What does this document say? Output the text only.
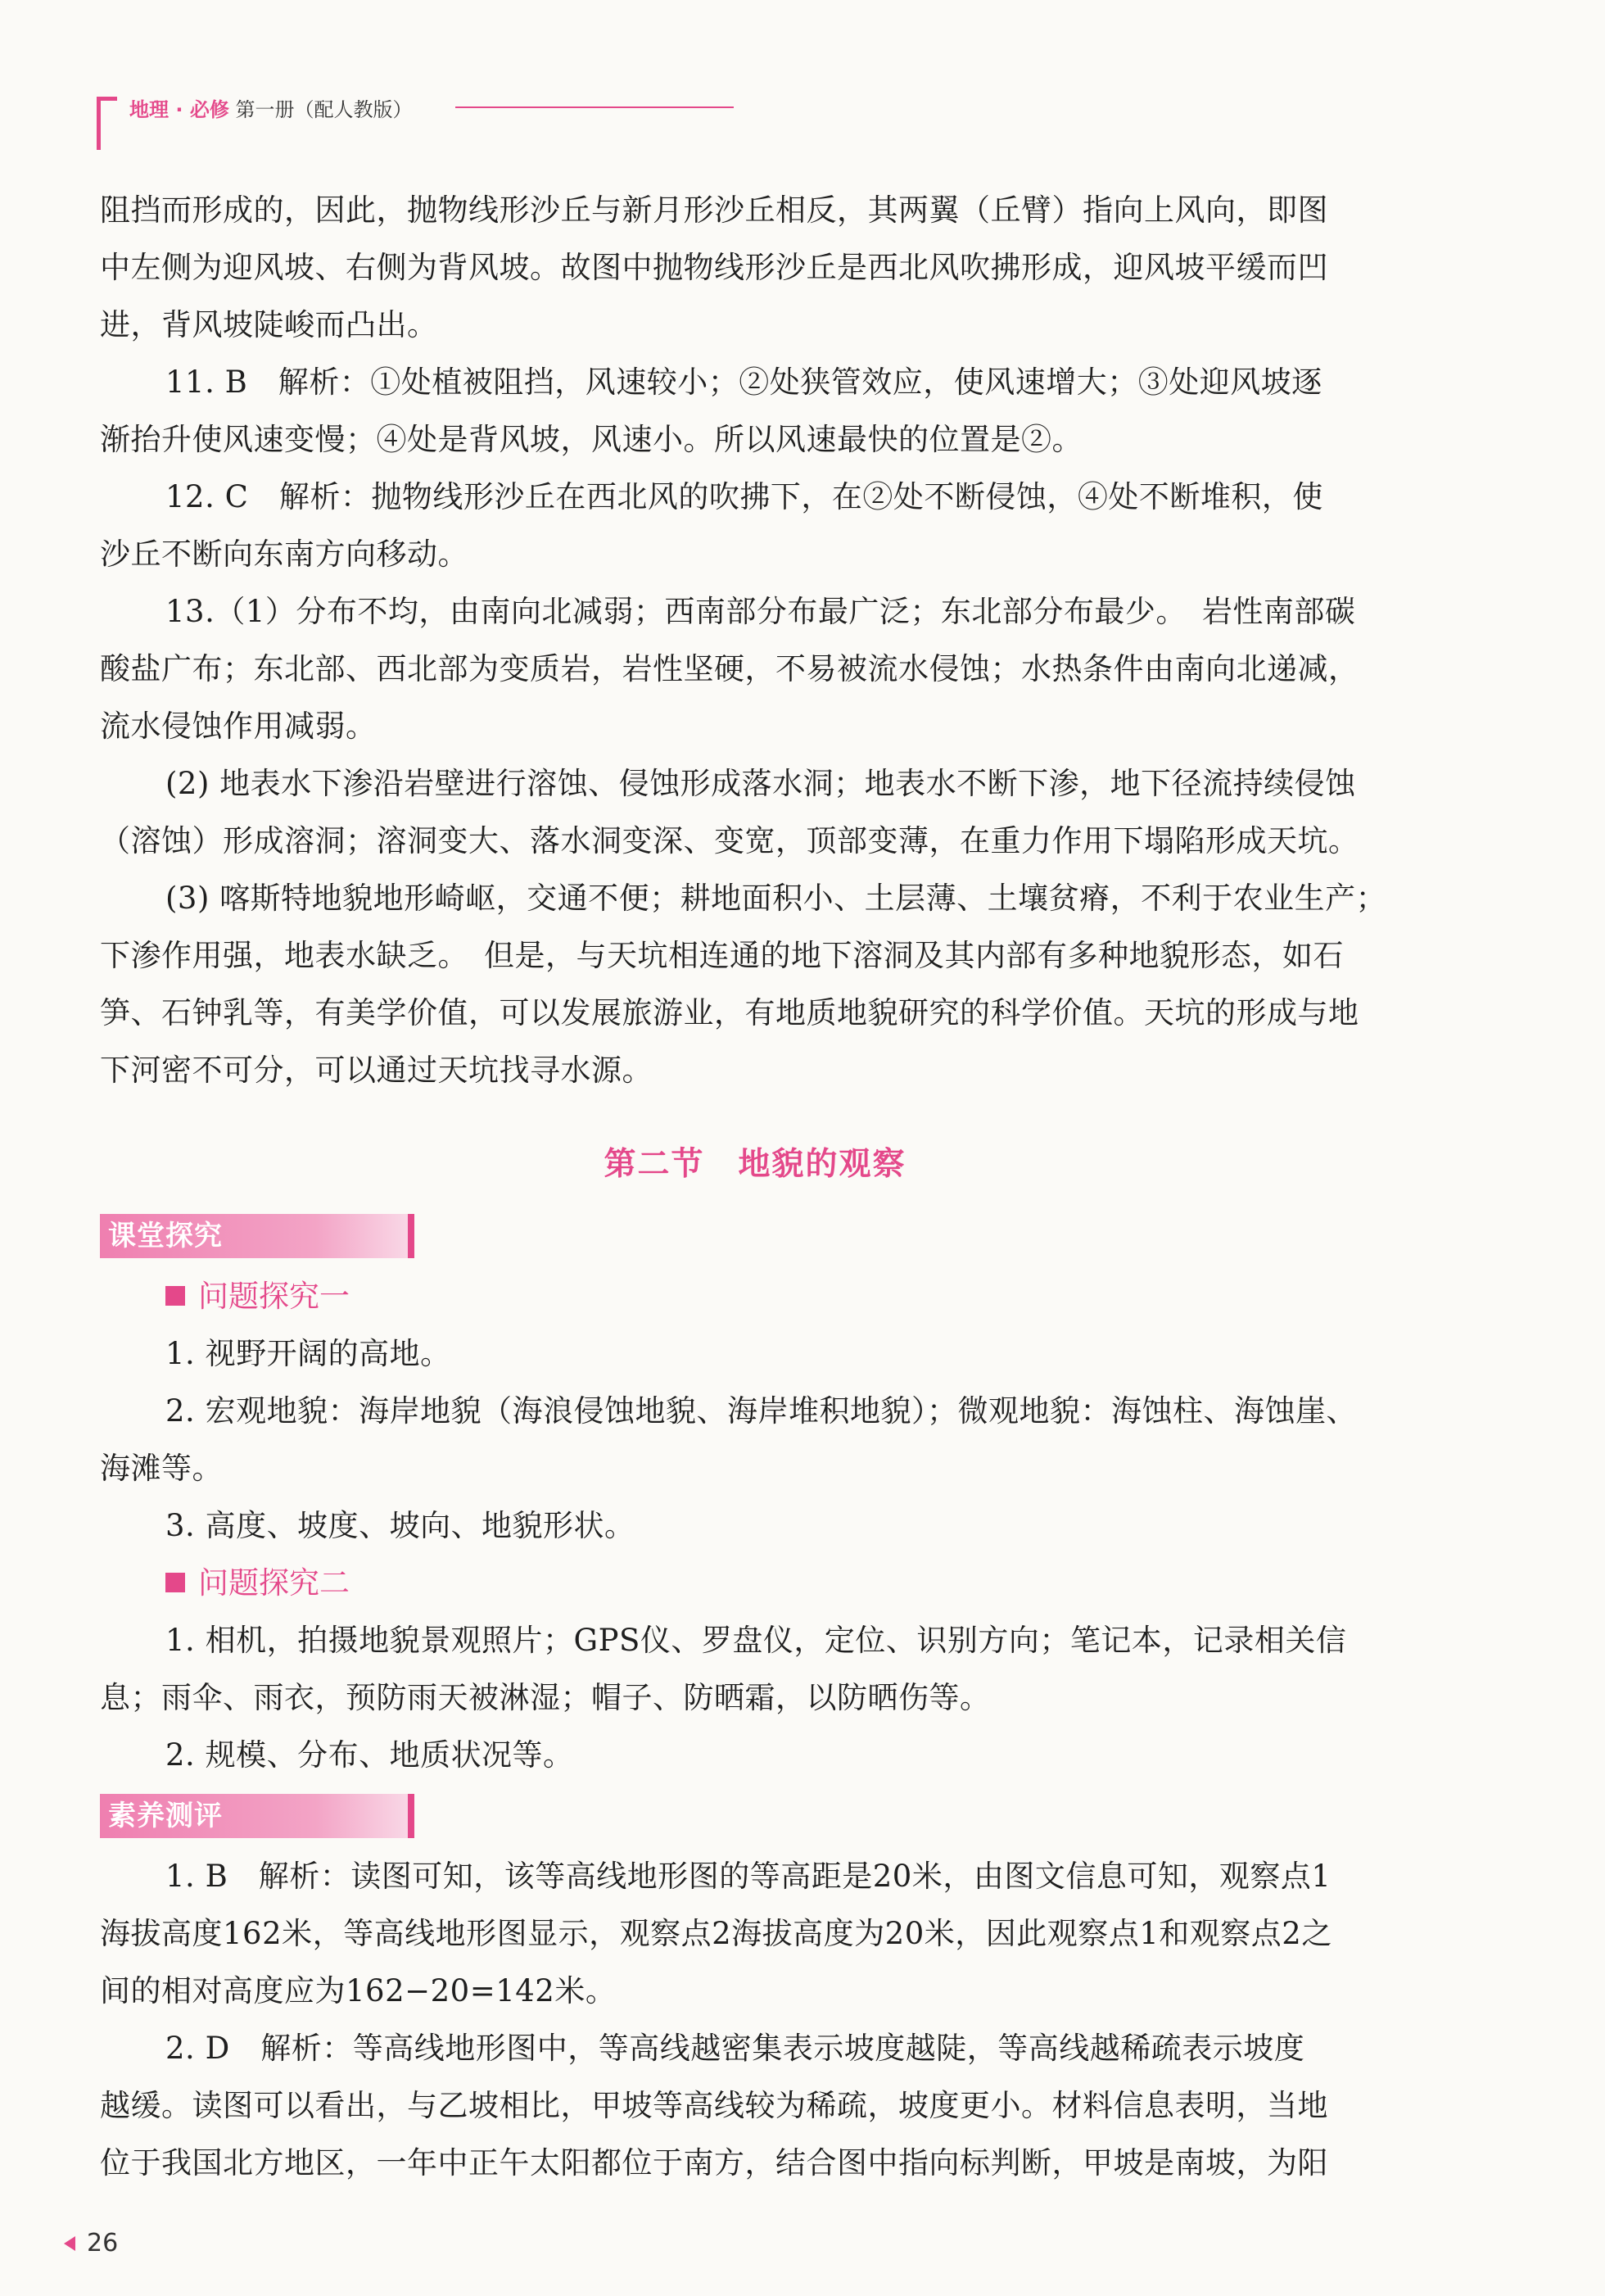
地理 · 必修 第一册（配人教版）

阻挡而形成的，因此，抛物线形沙丘与新月形沙丘相反，其两翼（丘臂）指向上风向，即图

中左侧为迎风坡、右侧为背风坡。故图中抛物线形沙丘是西北风吹拂形成，迎风坡平缓而凹

进，背风坡陡峻而凸出。

11. B　解析：①处植被阻挡，风速较小；②处狭管效应，使风速增大；③处迎风坡逐

渐抬升使风速变慢；④处是背风坡，风速小。所以风速最快的位置是②。

12. C　解析：抛物线形沙丘在西北风的吹拂下，在②处不断侵蚀，④处不断堆积，使

沙丘不断向东南方向移动。

13.（1）分布不均，由南向北减弱；西南部分布最广泛；东北部分布最少。　岩性南部碳

酸盐广布；东北部、西北部为变质岩，岩性坚硬，不易被流水侵蚀；水热条件由南向北递减，

流水侵蚀作用减弱。

(2) 地表水下渗沿岩壁进行溶蚀、侵蚀形成落水洞；地表水不断下渗，地下径流持续侵蚀

（溶蚀）形成溶洞；溶洞变大、落水洞变深、变宽，顶部变薄，在重力作用下塌陷形成天坑。

(3) 喀斯特地貌地形崎岖，交通不便；耕地面积小、土层薄、土壤贫瘠，不利于农业生产；

下渗作用强，地表水缺乏。　但是，与天坑相连通的地下溶洞及其内部有多种地貌形态，如石

笋、石钟乳等，有美学价值，可以发展旅游业，有地质地貌研究的科学价值。天坑的形成与地

下河密不可分，可以通过天坑找寻水源。

第二节　地貌的观察
课堂探究

问题探究一

1. 视野开阔的高地。

2. 宏观地貌：海岸地貌（海浪侵蚀地貌、海岸堆积地貌）；微观地貌：海蚀柱、海蚀崖、

海滩等。

3. 高度、坡度、坡向、地貌形状。

问题探究二

1. 相机，拍摄地貌景观照片；GPS仪、罗盘仪，定位、识别方向；笔记本，记录相关信

息；雨伞、雨衣，预防雨天被淋湿；帽子、防晒霜，以防晒伤等。

2. 规模、分布、地质状况等。

素养测评

1. B　解析：读图可知，该等高线地形图的等高距是20米，由图文信息可知，观察点1

海拔高度162米，等高线地形图显示，观察点2海拔高度为20米，因此观察点1和观察点2之

间的相对高度应为162−20=142米。

2. D　解析：等高线地形图中，等高线越密集表示坡度越陡，等高线越稀疏表示坡度

越缓。读图可以看出，与乙坡相比，甲坡等高线较为稀疏，坡度更小。材料信息表明，当地

位于我国北方地区，一年中正午太阳都位于南方，结合图中指向标判断，甲坡是南坡，为阳

26
